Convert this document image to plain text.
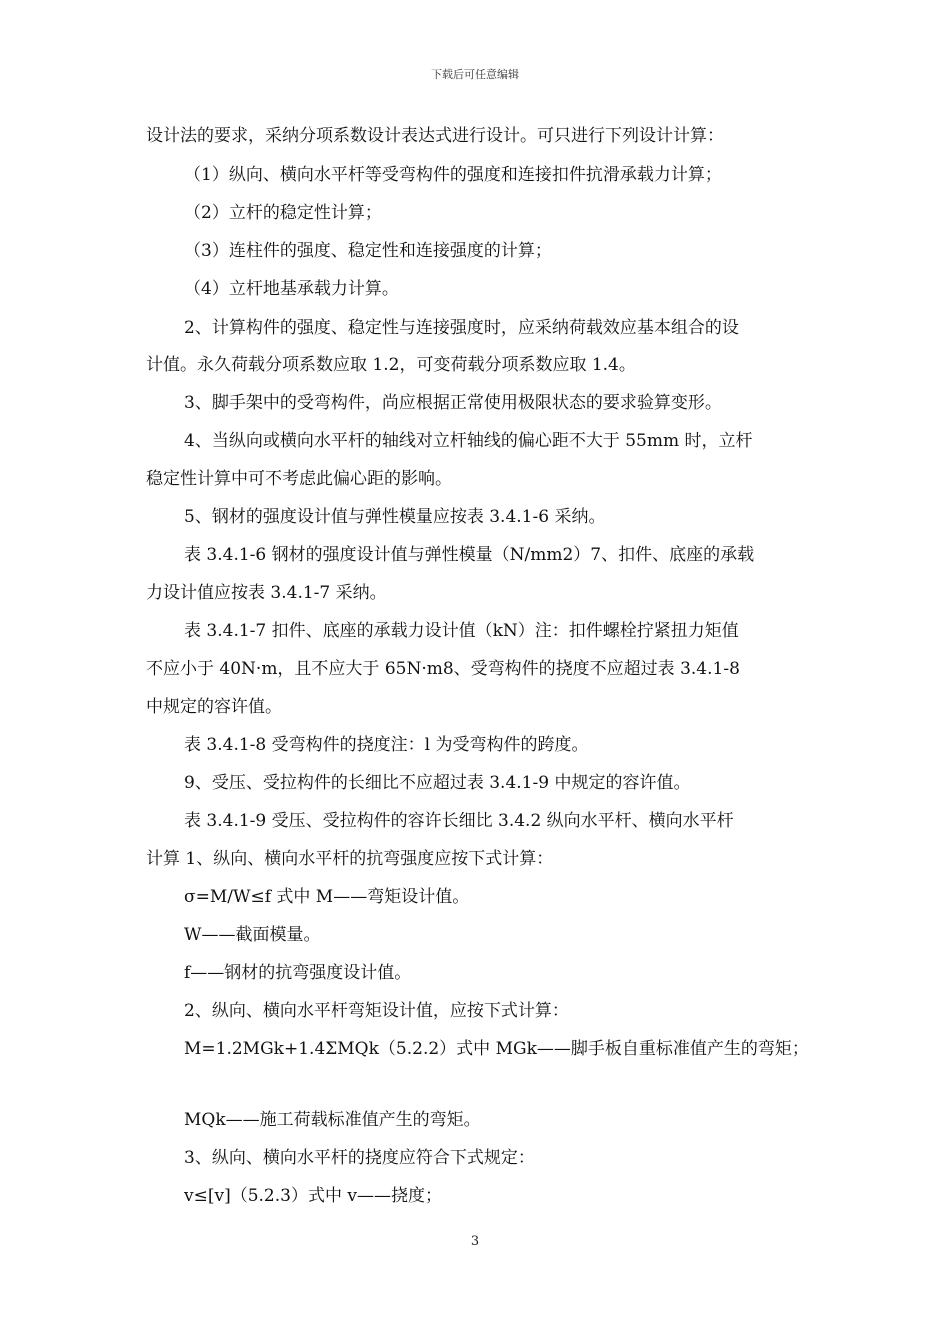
下载后可任意编辑
设计法的要求，采纳分项系数设计表达式进行设计。可只进行下列设计计算：
（1）纵向、横向水平杆等受弯构件的强度和连接扣件抗滑承载力计算；
（2）立杆的稳定性计算；
（3）连柱件的强度、稳定性和连接强度的计算；
（4）立杆地基承载力计算。
2、计算构件的强度、稳定性与连接强度时，应采纳荷载效应基本组合的设
计值。永久荷载分项系数应取 1.2，可变荷载分项系数应取 1.4。
3、脚手架中的受弯构件，尚应根据正常使用极限状态的要求验算变形。
4、当纵向或横向水平杆的轴线对立杆轴线的偏心距不大于 55mm 时，立杆
稳定性计算中可不考虑此偏心距的影响。
5、钢材的强度设计值与弹性模量应按表 3.4.1-6 采纳。
表 3.4.1-6 钢材的强度设计值与弹性模量（N/mm2）7、扣件、底座的承载
力设计值应按表 3.4.1-7 采纳。
表 3.4.1-7 扣件、底座的承载力设计值（kN）注：扣件螺栓拧紧扭力矩值
不应小于 40N·m，且不应大于 65N·m8、受弯构件的挠度不应超过表 3.4.1-8
中规定的容许值。
表 3.4.1-8 受弯构件的挠度注：l 为受弯构件的跨度。
9、受压、受拉构件的长细比不应超过表 3.4.1-9 中规定的容许值。
表 3.4.1-9 受压、受拉构件的容许长细比 3.4.2 纵向水平杆、横向水平杆
计算 1、纵向、横向水平杆的抗弯强度应按下式计算：
σ=M/W≤f 式中 M——弯矩设计值。
W——截面模量。
f——钢材的抗弯强度设计值。
2、纵向、横向水平杆弯矩设计值，应按下式计算：
M=1.2MGk+1.4ΣMQk（5.2.2）式中 MGk——脚手板自重标准值产生的弯矩；
MQk——施工荷载标准值产生的弯矩。
3、纵向、横向水平杆的挠度应符合下式规定：
v≤[v]（5.2.3）式中 v——挠度；
3
